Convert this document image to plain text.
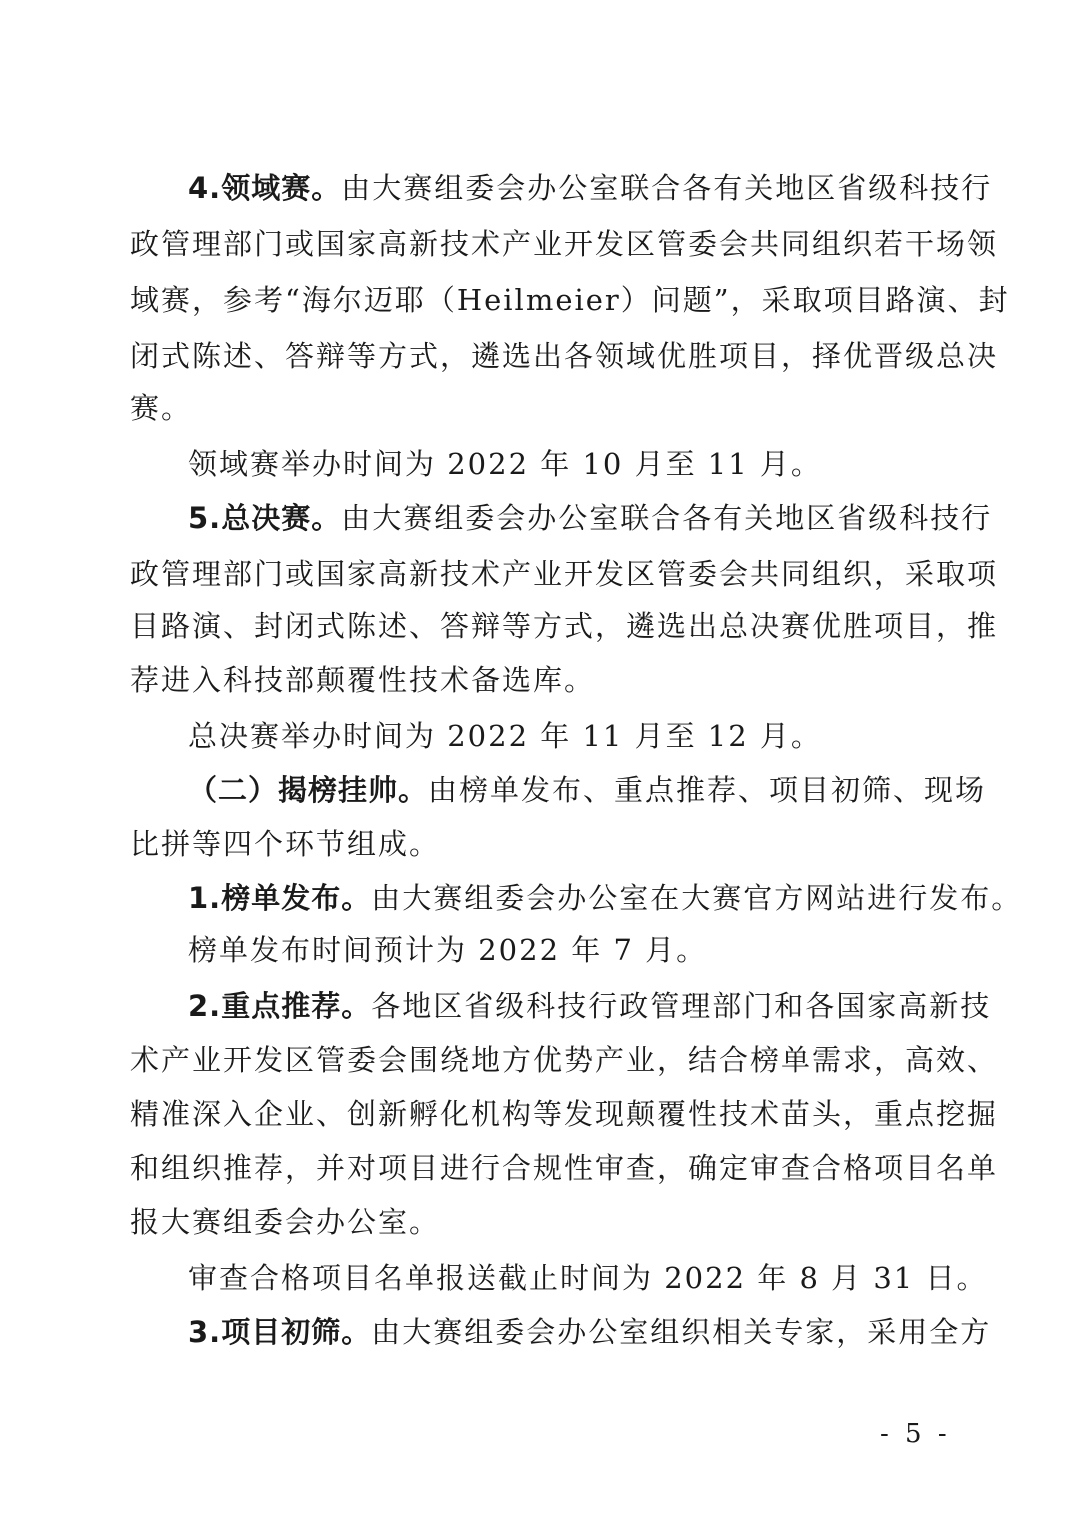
4.领域赛。由大赛组委会办公室联合各有关地区省级科技行
政管理部门或国家高新技术产业开发区管委会共同组织若干场领
域赛，参考“海尔迈耶（Heilmeier）问题”，采取项目路演、封
闭式陈述、答辩等方式，遴选出各领域优胜项目，择优晋级总决
赛。
领域赛举办时间为 2022 年 10 月至 11 月。
5.总决赛。由大赛组委会办公室联合各有关地区省级科技行
政管理部门或国家高新技术产业开发区管委会共同组织，采取项
目路演、封闭式陈述、答辩等方式，遴选出总决赛优胜项目，推
荐进入科技部颠覆性技术备选库。
总决赛举办时间为 2022 年 11 月至 12 月。
（二）揭榜挂帅。由榜单发布、重点推荐、项目初筛、现场
比拼等四个环节组成。
1.榜单发布。由大赛组委会办公室在大赛官方网站进行发布。
榜单发布时间预计为 2022 年 7 月。
2.重点推荐。各地区省级科技行政管理部门和各国家高新技
术产业开发区管委会围绕地方优势产业，结合榜单需求，高效、
精准深入企业、创新孵化机构等发现颠覆性技术苗头，重点挖掘
和组织推荐，并对项目进行合规性审查，确定审查合格项目名单
报大赛组委会办公室。
审查合格项目名单报送截止时间为 2022 年 8 月 31 日。
3.项目初筛。由大赛组委会办公室组织相关专家，采用全方
- 5 -
